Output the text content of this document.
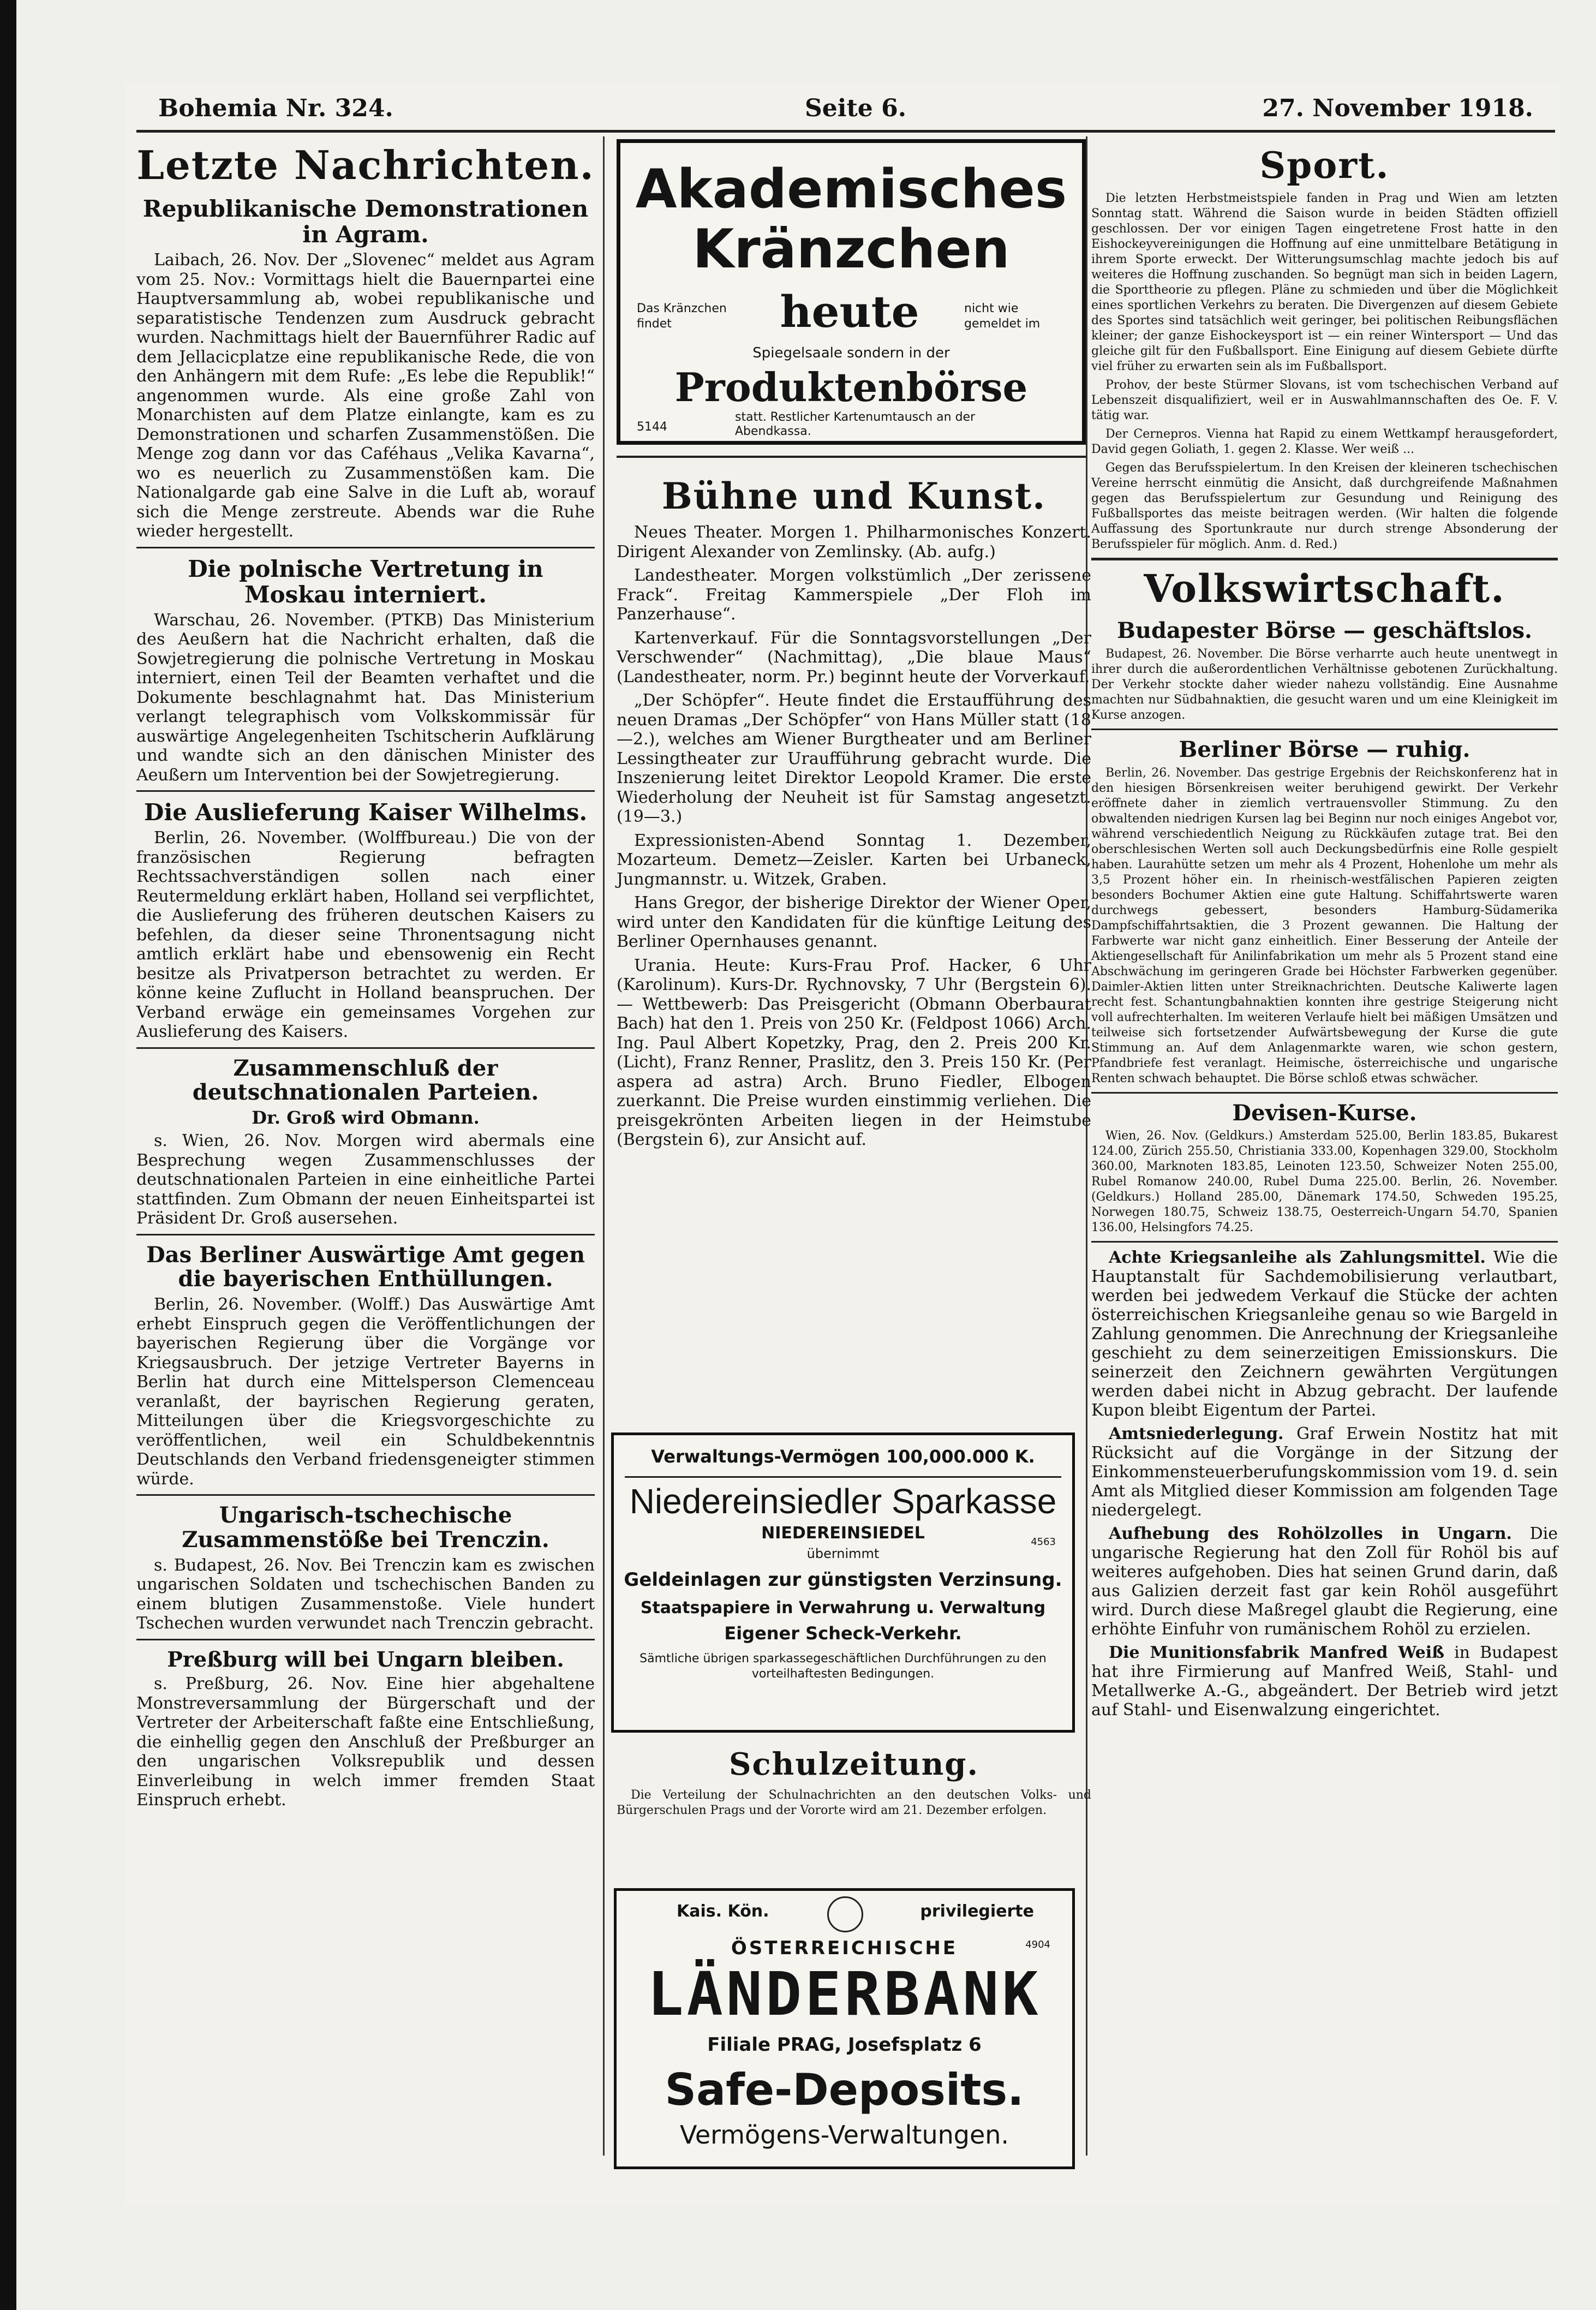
Bohemia Nr. 324.	Seite 6.	27. November 1918.
Letzte Nachrichten.
Republikanische Demonstrationen in Agram.

Laibach, 26. Nov. Der „Slovenec“ meldet aus Agram vom 25. Nov.: Vormittags hielt die Bauernpartei eine Hauptversammlung ab, wobei republikanische und separatistische Tendenzen zum Ausdruck gebracht wurden. Nachmittags hielt der Bauernführer Radic auf dem Jellacicplatze eine republikanische Rede, die von den Anhängern mit dem Rufe: „Es lebe die Republik!“ angenommen wurde. Als eine große Zahl von Monarchisten auf dem Platze einlangte, kam es zu Demonstrationen und scharfen Zusammenstößen. Die Menge zog dann vor das Caféhaus „Velika Kavarna“, wo es neuerlich zu Zusammenstößen kam. Die Nationalgarde gab eine Salve in die Luft ab, worauf sich die Menge zerstreute. Abends war die Ruhe wieder hergestellt.

Die polnische Vertretung in Moskau interniert.

Warschau, 26. November. (PTKB) Das Ministerium des Aeußern hat die Nachricht erhalten, daß die Sowjetregierung die polnische Vertretung in Moskau interniert, einen Teil der Beamten verhaftet und die Dokumente beschlagnahmt hat. Das Ministerium verlangt telegraphisch vom Volkskommissär für auswärtige Angelegenheiten Tschitscherin Aufklärung und wandte sich an den dänischen Minister des Aeußern um Intervention bei der Sowjetregierung.

Die Auslieferung Kaiser Wilhelms.

Berlin, 26. November. (Wolffbureau.) Die von der französischen Regierung befragten Rechtssachverständigen sollen nach einer Reutermeldung erklärt haben, Holland sei verpflichtet, die Auslieferung des früheren deutschen Kaisers zu befehlen, da dieser seine Thronentsagung nicht amtlich erklärt habe und ebensowenig ein Recht besitze als Privatperson betrachtet zu werden. Er könne keine Zuflucht in Holland beanspruchen. Der Verband erwäge ein gemeinsames Vorgehen zur Auslieferung des Kaisers.

Zusammenschluß der deutschnationalen Parteien.
Dr. Groß wird Obmann.

s. Wien, 26. Nov. Morgen wird abermals eine Besprechung wegen Zusammenschlusses der deutschnationalen Parteien in eine einheitliche Partei stattfinden. Zum Obmann der neuen Einheitspartei ist Präsident Dr. Groß ausersehen.

Das Berliner Auswärtige Amt gegen die bayerischen Enthüllungen.

Berlin, 26. November. (Wolff.) Das Auswärtige Amt erhebt Einspruch gegen die Veröffentlichungen der bayerischen Regierung über die Vorgänge vor Kriegsausbruch. Der jetzige Vertreter Bayerns in Berlin hat durch eine Mittelsperson Clemenceau veranlaßt, der bayrischen Regierung geraten, Mitteilungen über die Kriegsvorgeschichte zu veröffentlichen, weil ein Schuldbekenntnis Deutschlands den Verband friedensgeneigter stimmen würde.

Ungarisch-tschechische Zusammenstöße bei Trenczin.

s. Budapest, 26. Nov. Bei Trenczin kam es zwischen ungarischen Soldaten und tschechischen Banden zu einem blutigen Zusammenstoße. Viele hundert Tschechen wurden verwundet nach Trenczin gebracht.

Preßburg will bei Ungarn bleiben.

s. Preßburg, 26. Nov. Eine hier abgehaltene Monstreversammlung der Bürgerschaft und der Vertreter der Arbeiterschaft faßte eine Entschließung, die einhellig gegen den Anschluß der Preßburger an den ungarischen Volksrepublik und dessen Einverleibung in welch immer fremden Staat Einspruch erhebt.

Akademisches
Kränzchen
Das Kränzchen findet	heute	nicht wie gemeldet im
Spiegelsaale sondern in der
Produktenbörse
5144
statt. Restlicher Kartenumtausch an der Abendkassa.
Bühne und Kunst.

Neues Theater. Morgen 1. Philharmonisches Konzert. Dirigent Alexander von Zemlinsky. (Ab. aufg.)

Landestheater. Morgen volkstümlich „Der zerissene Frack“. Freitag Kammerspiele „Der Floh im Panzerhause“.

Kartenverkauf. Für die Sonntagsvorstellungen „Der Verschwender“ (Nachmittag), „Die blaue Maus“ (Landestheater, norm. Pr.) beginnt heute der Vorverkauf.

„Der Schöpfer“. Heute findet die Erstaufführung des neuen Dramas „Der Schöpfer“ von Hans Müller statt (18—2.), welches am Wiener Burgtheater und am Berliner Lessingtheater zur Uraufführung gebracht wurde. Die Inszenierung leitet Direktor Leopold Kramer. Die erste Wiederholung der Neuheit ist für Samstag angesetzt. (19—3.)

Expressionisten-Abend Sonntag 1. Dezember, Mozarteum. Demetz—Zeisler. Karten bei Urbaneck, Jungmannstr. u. Witzek, Graben.

Hans Gregor, der bisherige Direktor der Wiener Oper, wird unter den Kandidaten für die künftige Leitung des Berliner Opernhauses genannt.

Urania. Heute: Kurs-Frau Prof. Hacker, 6 Uhr (Karolinum). Kurs-Dr. Rychnovsky, 7 Uhr (Bergstein 6). — Wettbewerb: Das Preisgericht (Obmann Oberbaurat Bach) hat den 1. Preis von 250 Kr. (Feldpost 1066) Arch. Ing. Paul Albert Kopetzky, Prag, den 2. Preis 200 Kr. (Licht), Franz Renner, Praslitz, den 3. Preis 150 Kr. (Per aspera ad astra) Arch. Bruno Fiedler, Elbogen zuerkannt. Die Preise wurden einstimmig verliehen. Die preisgekrönten Arbeiten liegen in der Heimstube (Bergstein 6), zur Ansicht auf.

Verwaltungs-Vermögen 100,000.000 K.
Niedereinsiedler Sparkasse
NIEDEREINSIEDEL	4563
übernimmt
Geldeinlagen zur günstigsten Verzinsung.
Staatspapiere in Verwahrung u. Verwaltung
Eigener Scheck-Verkehr.
Sämtliche übrigen sparkassegeschäftlichen Durchführungen zu den vorteilhaftesten Bedingungen.
Schulzeitung.

Die Verteilung der Schulnachrichten an den deutschen Volks- und Bürgerschulen Prags und der Vororte wird am 21. Dezember erfolgen.

Kais. Kön.	privilegierte
ÖSTERREICHISCHE	4904
LÄNDERBANK
Filiale PRAG, Josefsplatz 6
Safe-Deposits.
Vermögens-Verwaltungen.
Sport.

Die letzten Herbstmeistspiele fanden in Prag und Wien am letzten Sonntag statt. Während die Saison wurde in beiden Städten offiziell geschlossen. Der vor einigen Tagen eingetretene Frost hatte in den Eishockeyvereinigungen die Hoffnung auf eine unmittelbare Betätigung in ihrem Sporte erweckt. Der Witterungsumschlag machte jedoch bis auf weiteres die Hoffnung zuschanden. So begnügt man sich in beiden Lagern, die Sporttheorie zu pflegen. Pläne zu schmieden und über die Möglichkeit eines sportlichen Verkehrs zu beraten. Die Divergenzen auf diesem Gebiete des Sportes sind tatsächlich weit geringer, bei politischen Reibungsflächen kleiner; der ganze Eishockeysport ist — ein reiner Wintersport — Und das gleiche gilt für den Fußballsport. Eine Einigung auf diesem Gebiete dürfte viel früher zu erwarten sein als im Fußballsport.

Prohov, der beste Stürmer Slovans, ist vom tschechischen Verband auf Lebenszeit disqualifiziert, weil er in Auswahlmannschaften des Oe. F. V. tätig war.

Der Cernepros. Vienna hat Rapid zu einem Wettkampf herausgefordert, David gegen Goliath, 1. gegen 2. Klasse. Wer weiß ...

Gegen das Berufsspielertum. In den Kreisen der kleineren tschechischen Vereine herrscht einmütig die Ansicht, daß durchgreifende Maßnahmen gegen das Berufsspielertum zur Gesundung und Reinigung des Fußballsportes das meiste beitragen werden. (Wir halten die folgende Auffassung des Sportunkraute nur durch strenge Absonderung der Berufsspieler für möglich. Anm. d. Red.)

Volkswirtschaft.
Budapester Börse — geschäftslos.

Budapest, 26. November. Die Börse verharrte auch heute unentwegt in ihrer durch die außerordentlichen Verhältnisse gebotenen Zurückhaltung. Der Verkehr stockte daher wieder nahezu vollständig. Eine Ausnahme machten nur Südbahnaktien, die gesucht waren und um eine Kleinigkeit im Kurse anzogen.

Berliner Börse — ruhig.

Berlin, 26. November. Das gestrige Ergebnis der Reichskonferenz hat in den hiesigen Börsenkreisen weiter beruhigend gewirkt. Der Verkehr eröffnete daher in ziemlich vertrauensvoller Stimmung. Zu den obwaltenden niedrigen Kursen lag bei Beginn nur noch einiges Angebot vor, während verschiedentlich Neigung zu Rückkäufen zutage trat. Bei den oberschlesischen Werten soll auch Deckungsbedürfnis eine Rolle gespielt haben. Laurahütte setzen um mehr als 4 Prozent, Hohenlohe um mehr als 3,5 Prozent höher ein. In rheinisch-westfälischen Papieren zeigten besonders Bochumer Aktien eine gute Haltung. Schiffahrtswerte waren durchwegs gebessert, besonders Hamburg-Südamerika Dampfschiffahrtsaktien, die 3 Prozent gewannen. Die Haltung der Farbwerte war nicht ganz einheitlich. Einer Besserung der Anteile der Aktiengesellschaft für Anilinfabrikation um mehr als 5 Prozent stand eine Abschwächung im geringeren Grade bei Höchster Farbwerken gegenüber. Daimler-Aktien litten unter Streiknachrichten. Deutsche Kaliwerte lagen recht fest. Schantungbahnaktien konnten ihre gestrige Steigerung nicht voll aufrechterhalten. Im weiteren Verlaufe hielt bei mäßigen Umsätzen und teilweise sich fortsetzender Aufwärtsbewegung der Kurse die gute Stimmung an. Auf dem Anlagenmarkte waren, wie schon gestern, Pfandbriefe fest veranlagt. Heimische, österreichische und ungarische Renten schwach behauptet. Die Börse schloß etwas schwächer.

Devisen-Kurse.

Wien, 26. Nov. (Geldkurs.) Amsterdam 525.00, Berlin 183.85, Bukarest 124.00, Zürich 255.50, Christiania 333.00, Kopenhagen 329.00, Stockholm 360.00, Marknoten 183.85, Leinoten 123.50, Schweizer Noten 255.00, Rubel Romanow 240.00, Rubel Duma 225.00. Berlin, 26. November. (Geldkurs.) Holland 285.00, Dänemark 174.50, Schweden 195.25, Norwegen 180.75, Schweiz 138.75, Oesterreich-Ungarn 54.70, Spanien 136.00, Helsingfors 74.25.

Achte Kriegsanleihe als Zahlungsmittel. Wie die Hauptanstalt für Sachdemobilisierung verlautbart, werden bei jedwedem Verkauf die Stücke der achten österreichischen Kriegsanleihe genau so wie Bargeld in Zahlung genommen. Die Anrechnung der Kriegsanleihe geschieht zu dem seinerzeitigen Emissionskurs. Die seinerzeit den Zeichnern gewährten Vergütungen werden dabei nicht in Abzug gebracht. Der laufende Kupon bleibt Eigentum der Partei.

Amtsniederlegung. Graf Erwein Nostitz hat mit Rücksicht auf die Vorgänge in der Sitzung der Einkommensteuerberufungskommission vom 19. d. sein Amt als Mitglied dieser Kommission am folgenden Tage niedergelegt.

Aufhebung des Rohölzolles in Ungarn. Die ungarische Regierung hat den Zoll für Rohöl bis auf weiteres aufgehoben. Dies hat seinen Grund darin, daß aus Galizien derzeit fast gar kein Rohöl ausgeführt wird. Durch diese Maßregel glaubt die Regierung, eine erhöhte Einfuhr von rumänischem Rohöl zu erzielen.

Die Munitionsfabrik Manfred Weiß in Budapest hat ihre Firmierung auf Manfred Weiß, Stahl- und Metallwerke A.-G., abgeändert. Der Betrieb wird jetzt auf Stahl- und Eisenwalzung eingerichtet.
